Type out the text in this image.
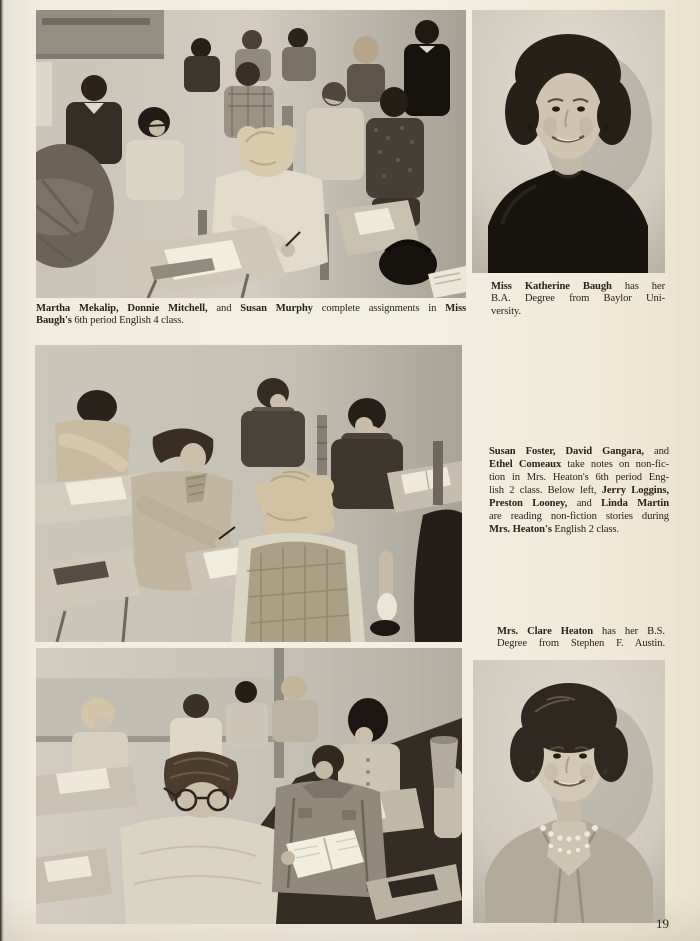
Martha Mekalip, Donnie Mitchell, and Susan Murphy complete assignments in Miss
Baugh's 6th period English 4 class.
Miss Katherine Baugh has her
B.A. Degree from Baylor Uni-
versity.
Susan Foster, David Gangara, and
Ethel Comeaux take notes on non-fic-
tion in Mrs. Heaton's 6th period Eng-
lish 2 class. Below left, Jerry Loggins,
Preston Looney, and Linda Martin
are reading non-fiction stories during
Mrs. Heaton's English 2 class.
Mrs. Clare Heaton has her B.S.
Degree from Stephen F. Austin.
19
